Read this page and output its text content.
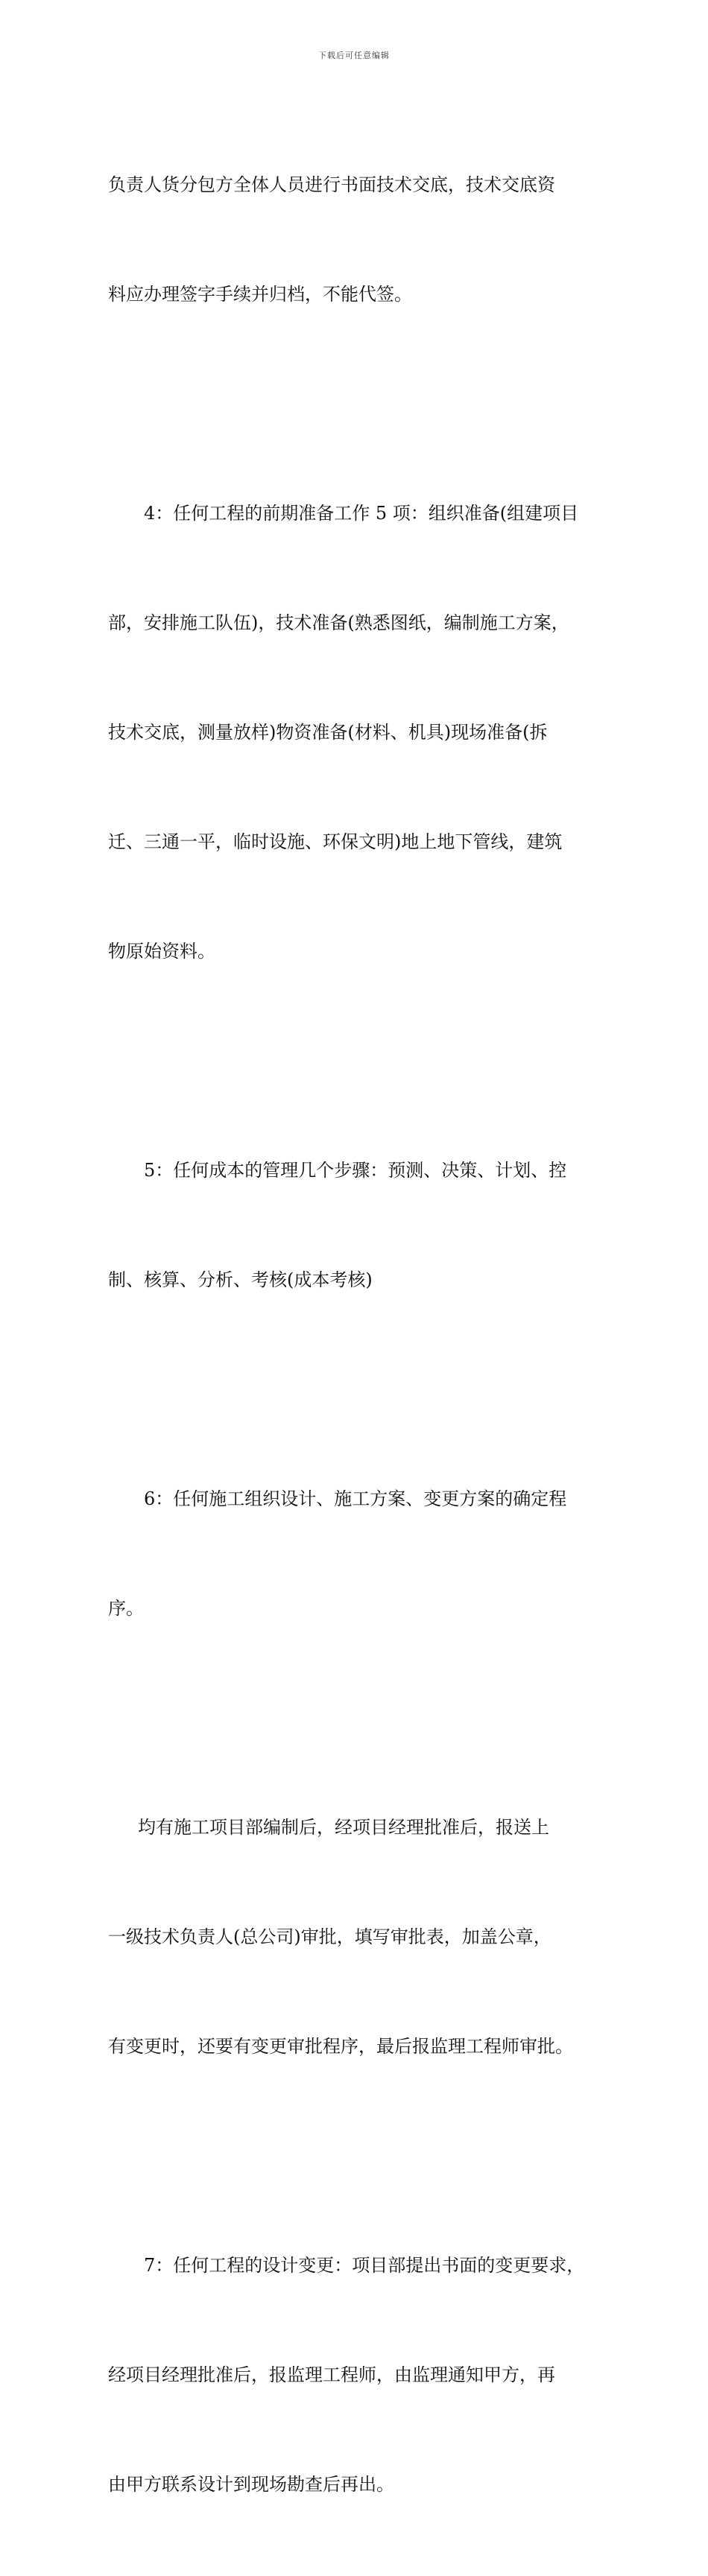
下载后可任意编辑

负责人货分包方全体人员进行书面技术交底，技术交底资

料应办理签字手续并归档，不能代签。

4：任何工程的前期准备工作 5 项：组织准备(组建项目

部，安排施工队伍)，技术准备(熟悉图纸，编制施工方案，

技术交底，测量放样)物资准备(材料、机具)现场准备(拆

迁、三通一平，临时设施、环保文明)地上地下管线，建筑

物原始资料。

5：任何成本的管理几个步骤：预测、决策、计划、控

制、核算、分析、考核(成本考核)

6：任何施工组织设计、施工方案、变更方案的确定程

序。

均有施工项目部编制后，经项目经理批准后，报送上

一级技术负责人(总公司)审批，填写审批表，加盖公章，

有变更时，还要有变更审批程序，最后报监理工程师审批。

7：任何工程的设计变更：项目部提出书面的变更要求，

经项目经理批准后，报监理工程师，由监理通知甲方，再

由甲方联系设计到现场勘查后再出。
